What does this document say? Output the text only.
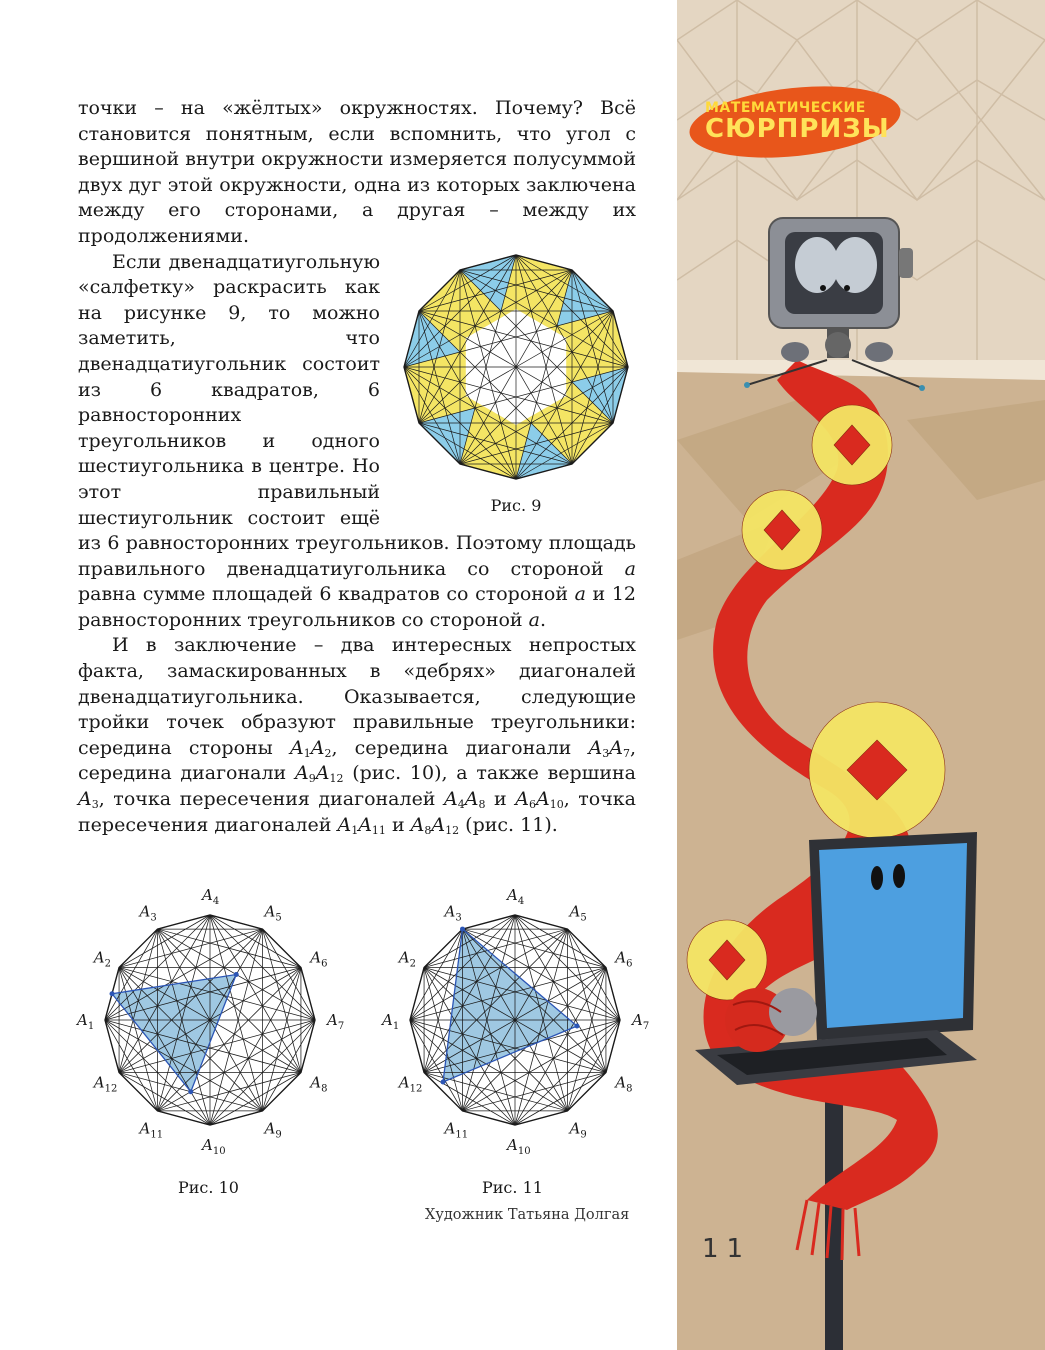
точки – на «жёлтых» окружностях. Почему? Всё становится понятным, если вспомнить, что угол с вершиной внутри окружности измеряется полусуммой двух дуг этой окружности, одна из которых заключена между его сторонами, а другая – между их продолжениями.

Рис. 9

Если двенадцатиугольную «салфетку» раскрасить как на рисунке 9, то можно заметить, что двенадцатиугольник состоит из 6 квадратов, 6 равносторонних треугольников и одного шестиугольника в центре. Но этот правильный шестиугольник состоит ещё из 6 равносторонних треугольников. Поэтому площадь правильного двенадцатиугольника со стороной a равна сумме площадей 6 квадратов со стороной a и 12 равносторонних треугольников со стороной a.

И в заключение – два интересных непростых факта, замаскированных в «дебрях» диагоналей двенадцатиугольника. Оказывается, следующие тройки точек образуют правильные треугольники: середина стороны $A_1A_2$, середина диагонали $A_3A_7$, середина диагонали $A_9A_{12}$ (рис. 10), а также вершина $A_3$, точка пересечения диагоналей $A_4A_8$ и $A_6A_{10}$, точка пересечения диагоналей $A_1A_{11}$ и $A_8A_{12}$ (рис. 11).

$A_1$
$A_2$
$A_3$
$A_4$
$A_5$
$A_6$
$A_7$
$A_8$
$A_9$
$A_{10}$
$A_{11}$
$A_{12}$
$A_1$
$A_2$
$A_3$
$A_4$
$A_5$
$A_6$
$A_7$
$A_8$
$A_9$
$A_{10}$
$A_{11}$
$A_{12}$
Рис. 10	Рис. 11
Художник Татьяна Долгая
МАТЕМАТИЧЕСКИЕ
СЮРПРИЗЫ
11
